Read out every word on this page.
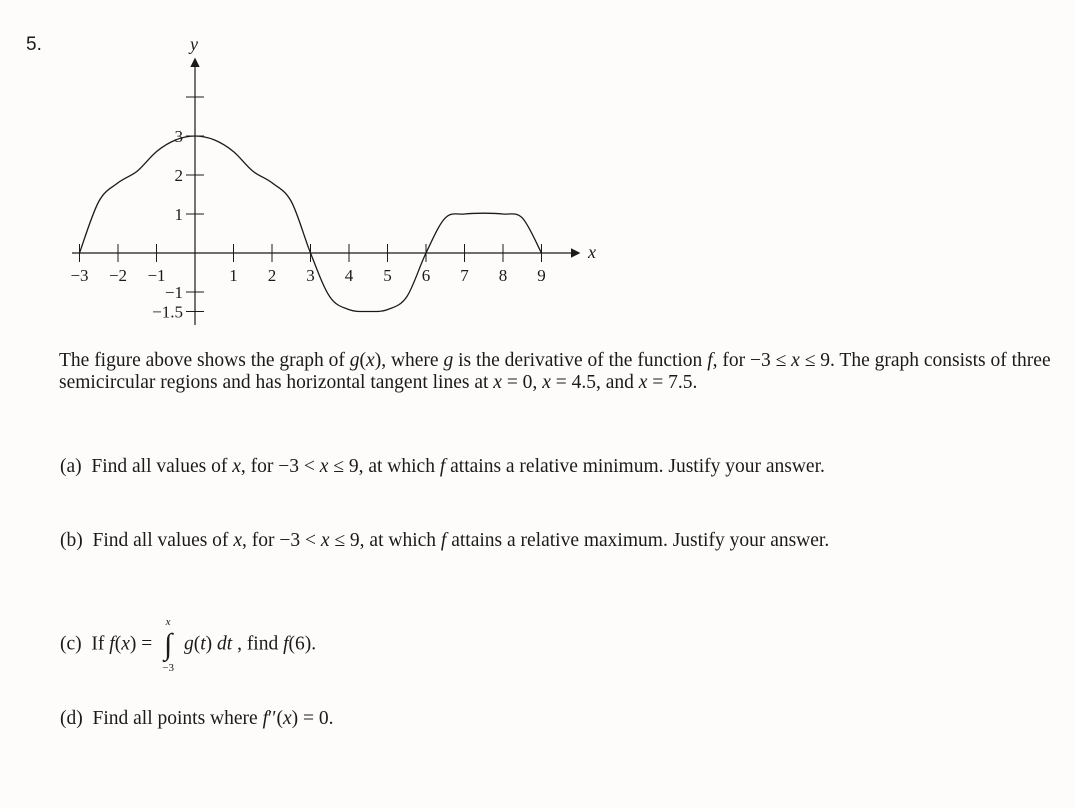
5.
x
y
−3 −2 −1	1 2 3 4 5 6 7 8 9
3
2
1
−1
−1.5
The figure above shows the graph of g(x), where g is the derivative of the function f, for −3 ≤ x ≤ 9. The graph consists of three semicircular regions and has horizontal tangent lines at x = 0, x = 4.5, and x = 7.5.
(a)  Find all values of x, for −3 < x ≤ 9, at which f attains a relative minimum. Justify your answer.
(b)  Find all values of x, for −3 < x ≤ 9, at which f attains a relative maximum. Justify your answer.
(c)  If f(x) =
x
∫
−3
g(t) dt , find f(6).
(d)  Find all points where f′′(x) = 0.
